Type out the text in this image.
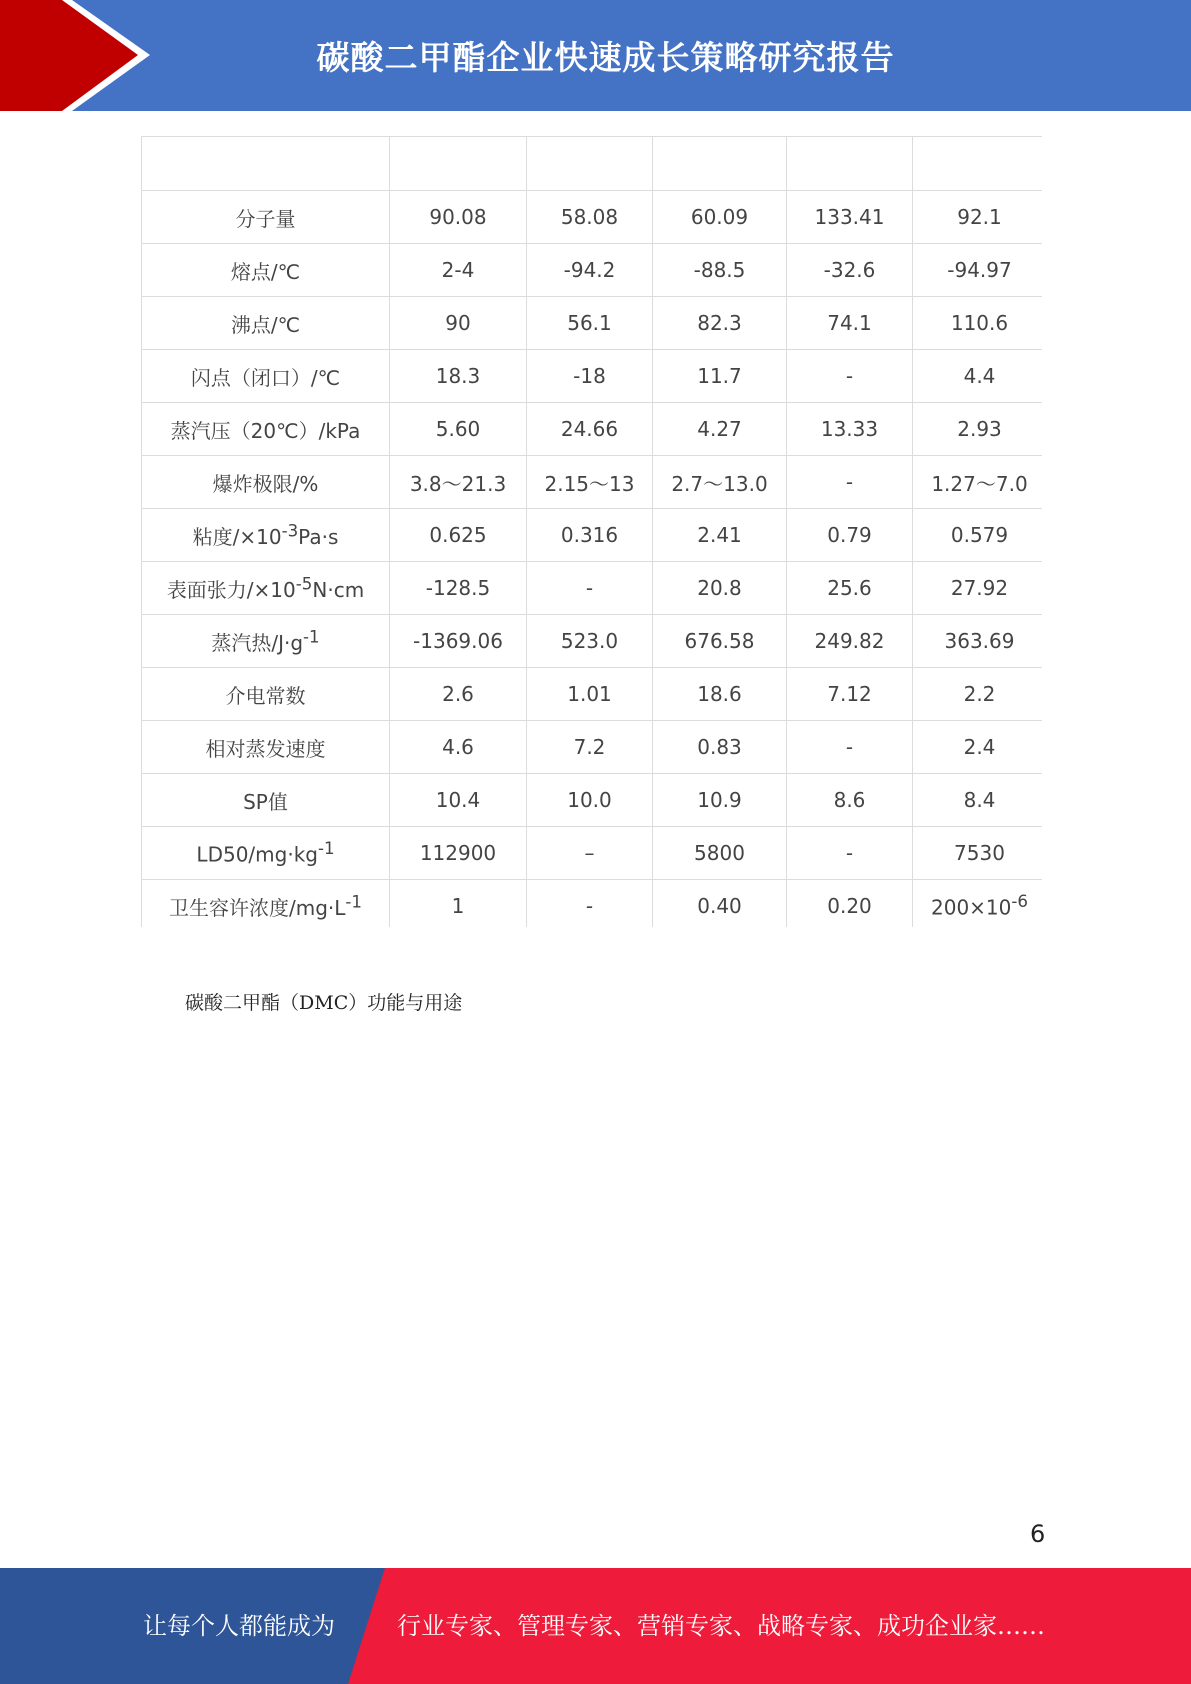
碳酸二甲酯企业快速成长策略研究报告

分子量	90.08	58.08	60.09	133.41	92.1
熔点/℃	2-4	-94.2	-88.5	-32.6	-94.97
沸点/℃	90	56.1	82.3	74.1	110.6
闪点（闭口）/℃	18.3	-18	11.7	-	4.4
蒸汽压（20℃）/kPa	5.60	24.66	4.27	13.33	2.93
爆炸极限/%	3.8～21.3	2.15～13	2.7～13.0	-	1.27～7.0
粘度$/\times 10^{-3}Pa\cdot s$	0.625	0.316	2.41	0.79	0.579
表面张力$/\times 10^{-5}N\cdot cm$	-128.5	-	20.8	25.6	27.92
蒸汽热$/J\cdot g^{-1}$	-1369.06	523.0	676.58	249.82	363.69
介电常数	2.6	1.01	18.6	7.12	2.2
相对蒸发速度	4.6	7.2	0.83	-	2.4
SP值	10.4	10.0	10.9	8.6	8.4
$LD50/mg\cdot kg^{-1}$	112900	–	5800	-	7530
卫生容许浓度$/mg\cdot L^{-1}$	1	-	0.40	0.20	$200\times 10^{-6}$
碳酸二甲酯（DMC）功能与用途
6
让每个人都能成为	行业专家、管理专家、营销专家、战略专家、成功企业家……
